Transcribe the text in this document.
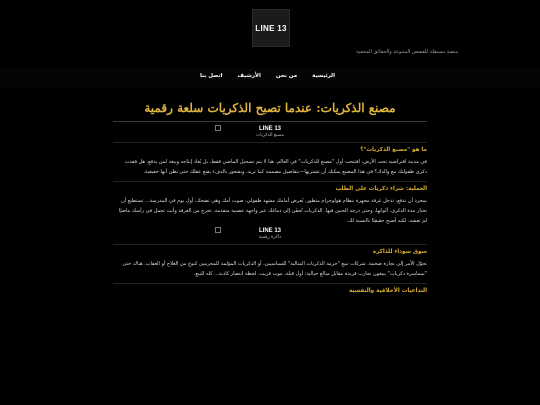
LINE 13
منصة مستقلة للقصص المتنوعة والحقائق المخفية
الرئيسية
من نحن
الأرشيف
اتصل بنا
مصنع الذكريات: عندما تصبح الذكريات سلعة رقمية
LINE 13
مصنع الذكريات
ما هو "مصنع الذكريات"؟

في مدينة افتراضية تحت الأرض، افتتحت أول "مصنع للذكريات" في العالم. هنا لا يتم تسجيل الماضي فقط، بل يُعاد إنتاجه وبيعه لمن يدفع. هل فقدت ذكرى طفولتك مع والدك؟ في هذا المصنع يمكنك أن تشتريها—بتفاصيل مصممة كما تريد، وبشعور بالدفء يقنع عقلك حتى تظن أنها حقيقية.

العملية: شراء ذكريات على الطلب

بمجرد أن تدفع، تدخل غرفة مجهزة بنظام هولوجرام متطور. يُعرض أمامك مشهد طفولي، صوت أمك وهي تضحك، أول يوم في المدرسة... تستطيع أن تختار مدة الذكرى، ألوانها، وحتى درجة الحنين فيها. الذكريات تُحقَن إلى دماغك عبر واجهة عصبية متقدمة. تخرج من الغرفة وأنت تحمل في رأسك ماضيًا لم تعشه، لكنه أصبح حقيقيًا بالنسبة لك.

LINE 13
ذاكرة رقمية
سوق سوداء للذاكرة

تحوّل الأمر إلى تجارة ضخمة. شركات تبيع "حزمة الذكريات المثالية" للسياسيين، أو الذكريات المؤلمة للمجرمين كنوع من العلاج أو العقاب. هناك حتى "سماسرة ذكريات" يبيعون تجارب فريدة مقابل مبالغ خيالية: أول قبلة، موت قريب، لحظة انتصار كاذبة... كله للبيع.

التداعيات الأخلاقية والنفسية
